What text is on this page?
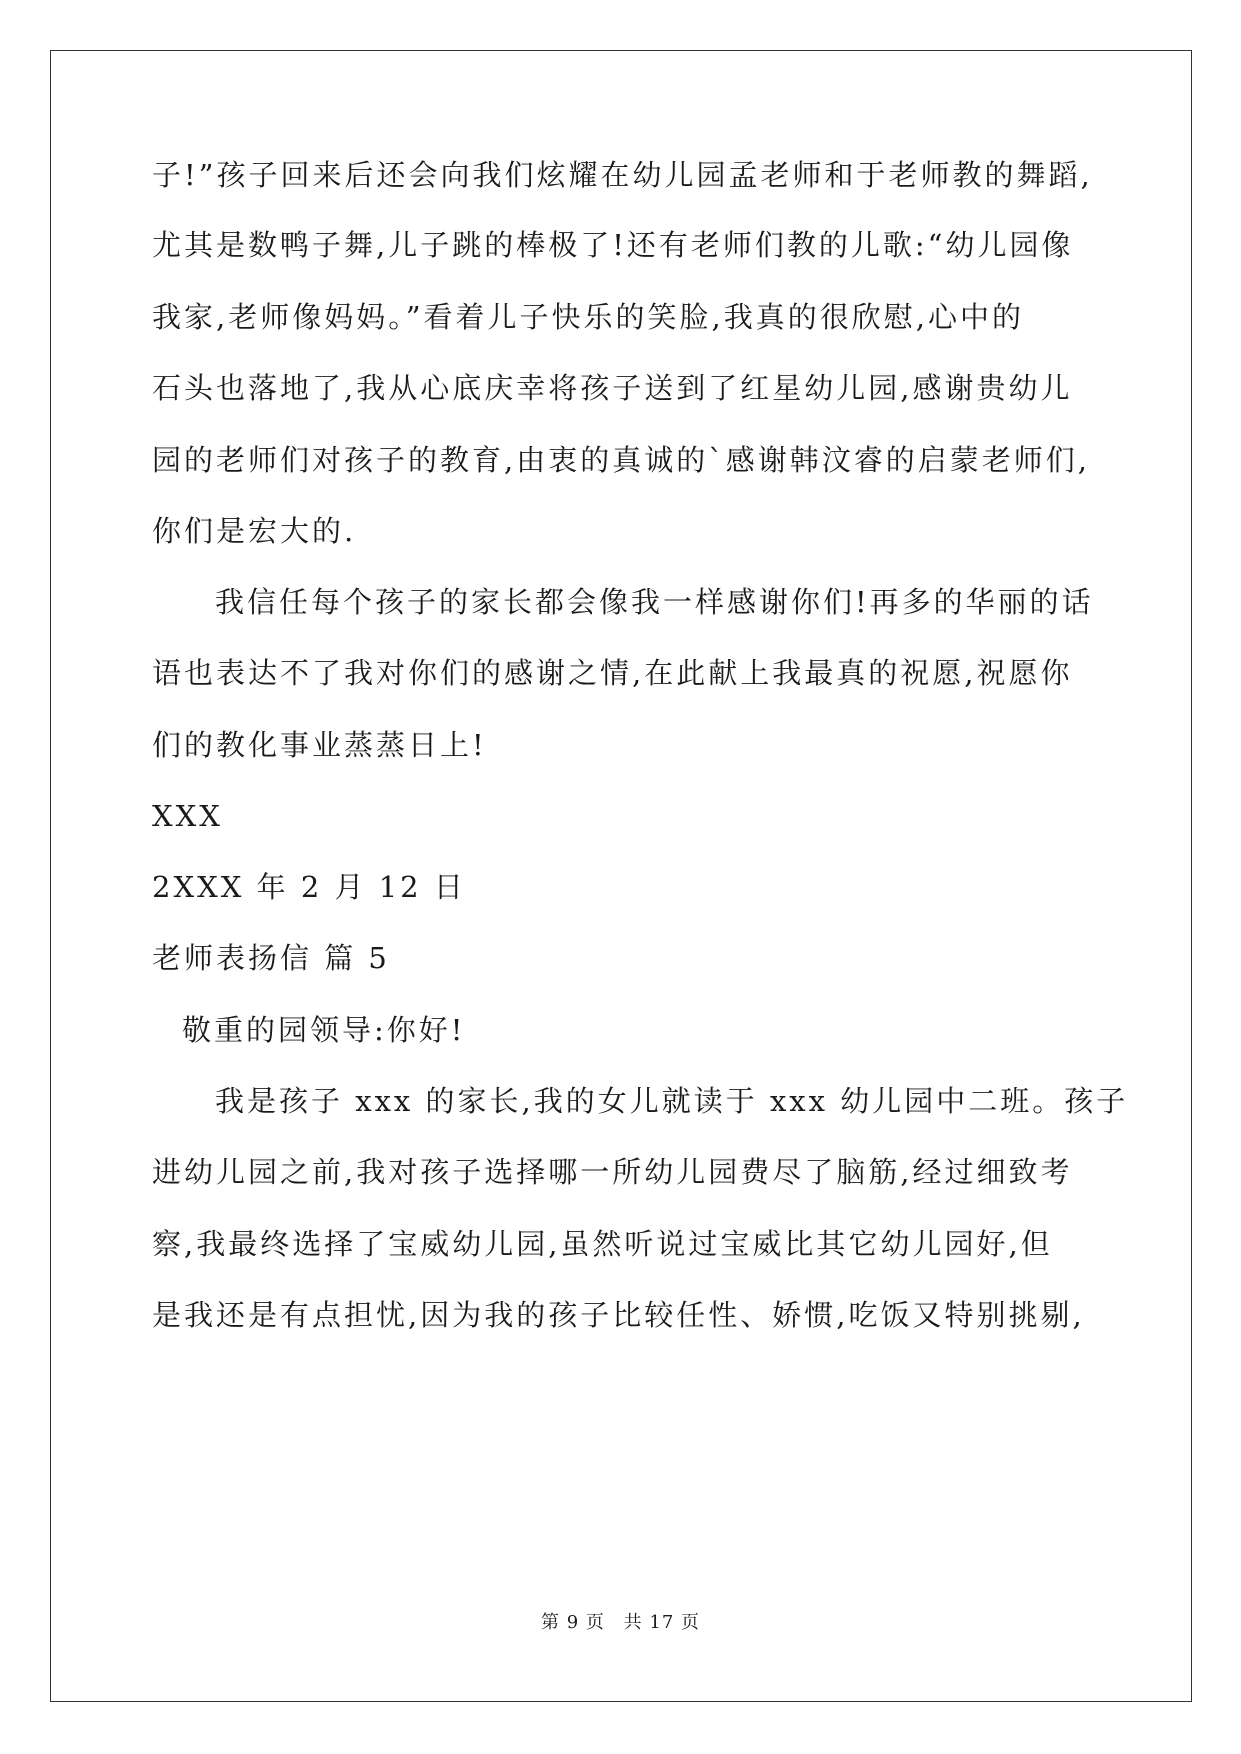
子!”孩子回来后还会向我们炫耀在幼儿园孟老师和于老师教的舞蹈,
尤其是数鸭子舞,儿子跳的棒极了!还有老师们教的儿歌:“幼儿园像
我家,老师像妈妈。”看着儿子快乐的笑脸,我真的很欣慰,心中的
石头也落地了,我从心底庆幸将孩子送到了红星幼儿园,感谢贵幼儿
园的老师们对孩子的教育,由衷的真诚的`感谢韩汶睿的启蒙老师们,
你们是宏大的.
我信任每个孩子的家长都会像我一样感谢你们!再多的华丽的话
语也表达不了我对你们的感谢之情,在此献上我最真的祝愿,祝愿你
们的教化事业蒸蒸日上!
XXX
2XXX 年 2 月 12 日
老师表扬信 篇 5
敬重的园领导:你好!
我是孩子 xxx 的家长,我的女儿就读于 xxx 幼儿园中二班。孩子
进幼儿园之前,我对孩子选择哪一所幼儿园费尽了脑筋,经过细致考
察,我最终选择了宝威幼儿园,虽然听说过宝威比其它幼儿园好,但
是我还是有点担忧,因为我的孩子比较任性、娇惯,吃饭又特别挑剔,
第 9 页 共 17 页
